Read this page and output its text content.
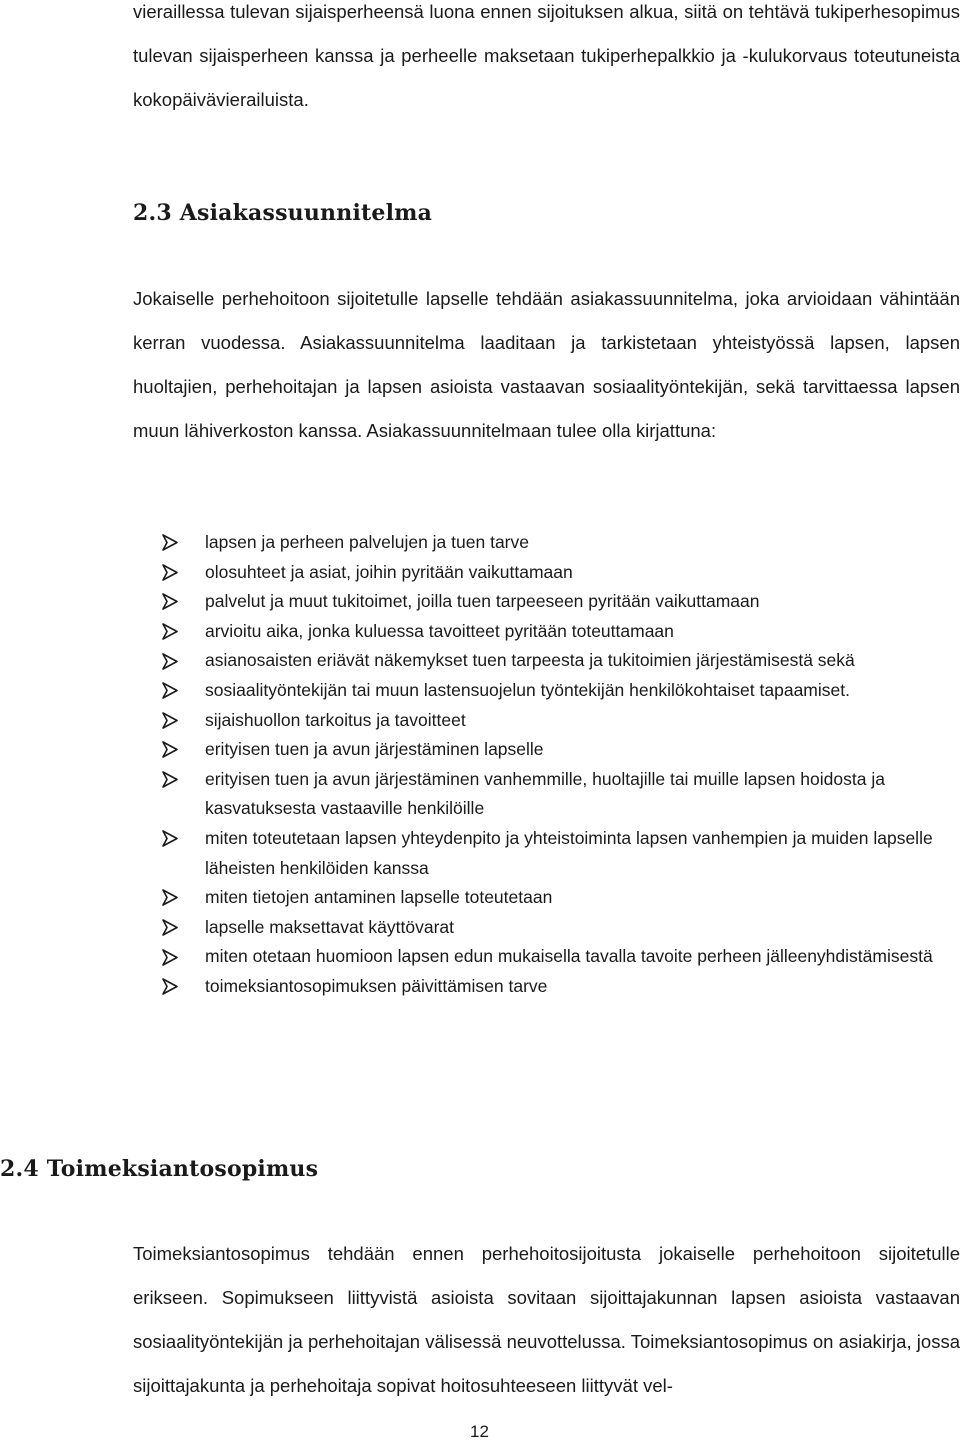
vieraillessa tulevan sijaisperheensä luona ennen sijoituksen alkua, siitä on tehtävä tukiperhesopimus tulevan sijaisperheen kanssa ja perheelle maksetaan tukiperhepalkkio ja -kulukorvaus toteutuneista kokopäivävierailuista.

2.3 Asiakassuunnitelma

Jokaiselle perhehoitoon sijoitetulle lapselle tehdään asiakassuunnitelma, joka arvioidaan vähintään kerran vuodessa. Asiakassuunnitelma laaditaan ja tarkistetaan yhteistyössä lapsen, lapsen huoltajien, perhehoitajan ja lapsen asioista vastaavan sosiaalityöntekijän, sekä tarvittaessa lapsen muun lähiverkoston kanssa. Asiakassuunnitelmaan tulee olla kirjattuna:

lapsen ja perheen palvelujen ja tuen tarve
olosuhteet ja asiat, joihin pyritään vaikuttamaan
palvelut ja muut tukitoimet, joilla tuen tarpeeseen pyritään vaikuttamaan
arvioitu aika, jonka kuluessa tavoitteet pyritään toteuttamaan
asianosaisten eriävät näkemykset tuen tarpeesta ja tukitoimien järjestämisestä sekä
sosiaalityöntekijän tai muun lastensuojelun työntekijän henkilökohtaiset tapaamiset.
sijaishuollon tarkoitus ja tavoitteet
erityisen tuen ja avun järjestäminen lapselle
erityisen tuen ja avun järjestäminen vanhemmille, huoltajille tai muille lapsen hoidosta ja kasvatuksesta vastaaville henkilöille
miten toteutetaan lapsen yhteydenpito ja yhteistoiminta lapsen vanhempien ja muiden lapselle läheisten henkilöiden kanssa
miten tietojen antaminen lapselle toteutetaan
lapselle maksettavat käyttövarat
miten otetaan huomioon lapsen edun mukaisella tavalla tavoite perheen jälleenyhdistämisestä
toimeksiantosopimuksen päivittämisen tarve
2.4 Toimeksiantosopimus

Toimeksiantosopimus tehdään ennen perhehoitosijoitusta jokaiselle perhehoitoon sijoitetulle erikseen. Sopimukseen liittyvistä asioista sovitaan sijoittajakunnan lapsen asioista vastaavan sosiaalityöntekijän ja perhehoitajan välisessä neuvottelussa. Toimeksiantosopimus on asiakirja, jossa sijoittajakunta ja perhehoitaja sopivat hoitosuhteeseen liittyvät vel-

12
